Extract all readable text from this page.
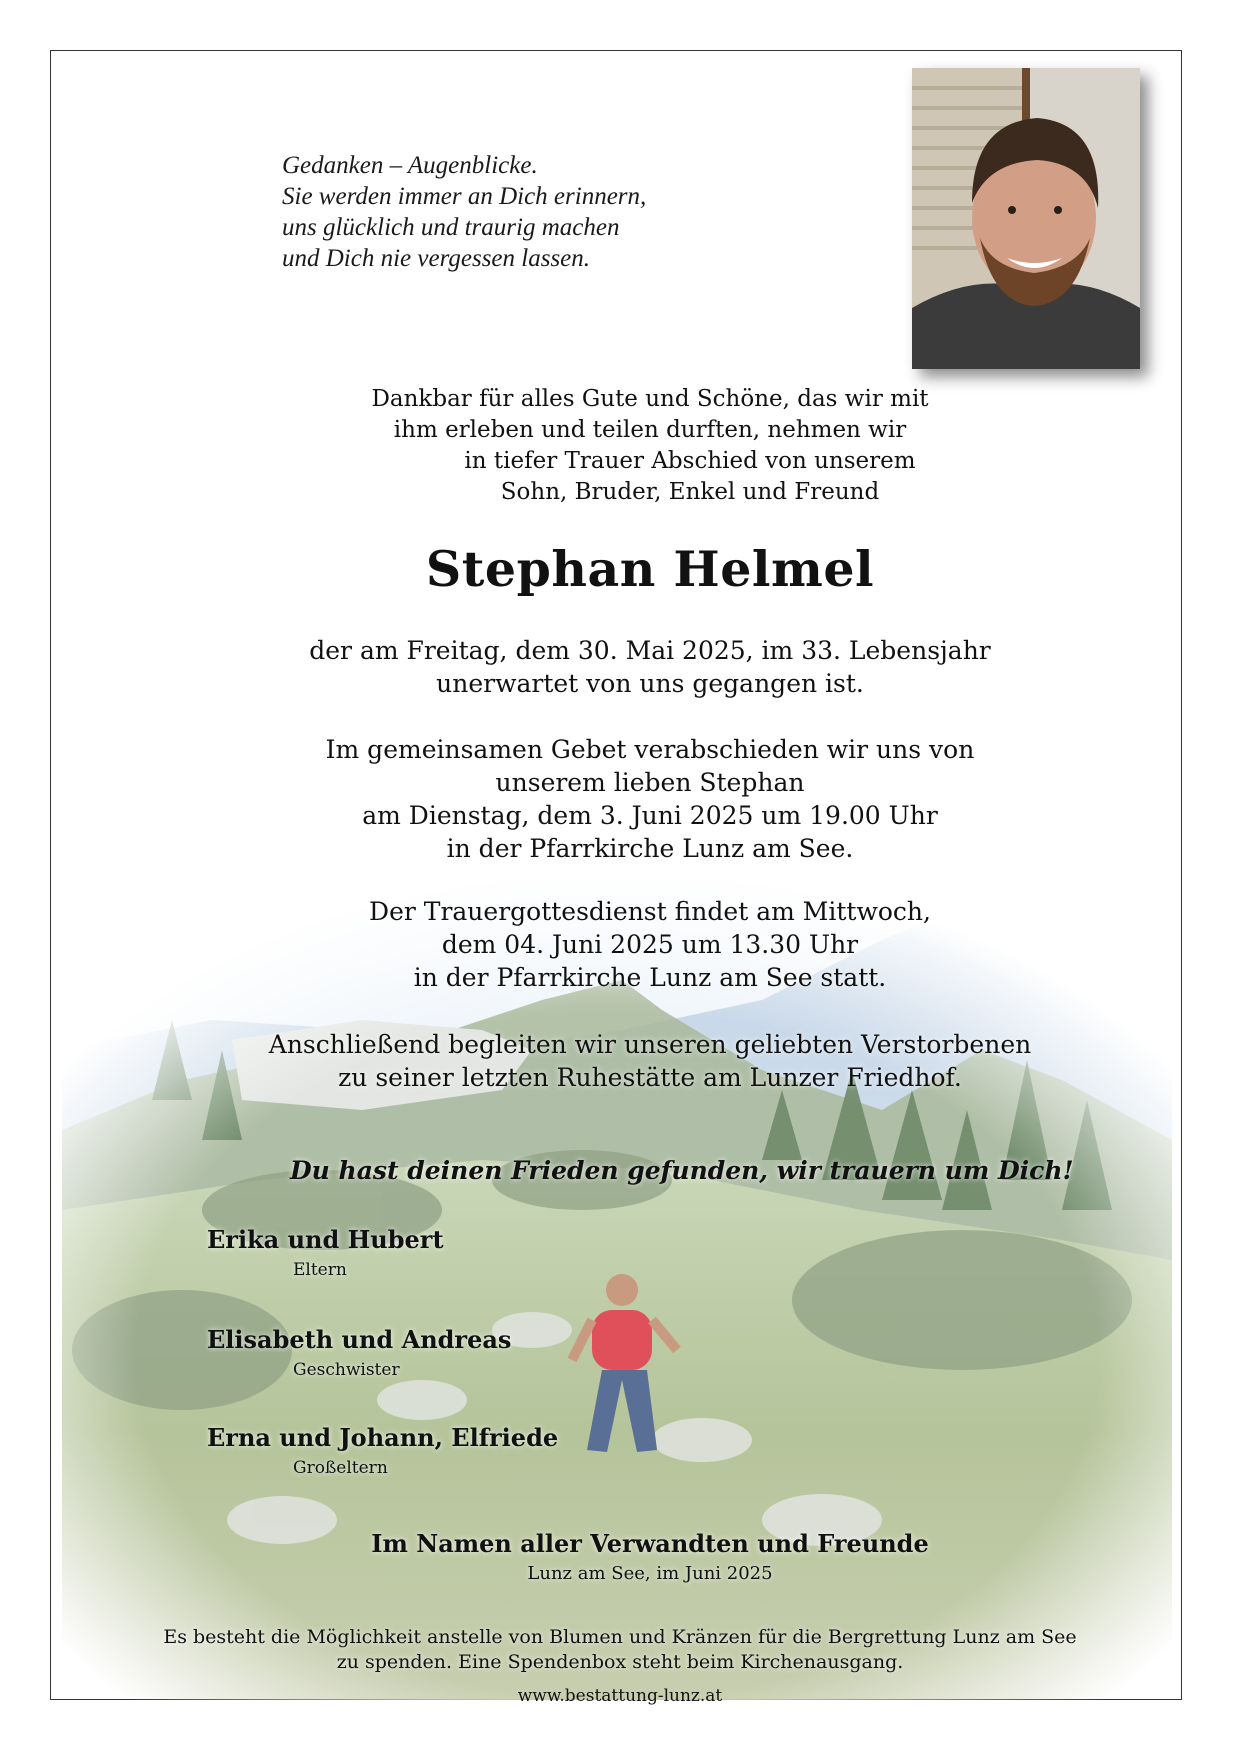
Gedanken – Augenblicke.
Sie werden immer an Dich erinnern,
uns glücklich und traurig machen
und Dich nie vergessen lassen.
Dankbar für alles Gute und Schöne, das wir mit
ihm erleben und teilen durften, nehmen wir
in tiefer Trauer Abschied von unserem
Sohn, Bruder, Enkel und Freund
Stephan Helmel
der am Freitag, dem 30. Mai 2025, im 33. Lebensjahr
unerwartet von uns gegangen ist.
Im gemeinsamen Gebet verabschieden wir uns von
unserem lieben Stephan
am Dienstag, dem 3. Juni 2025 um 19.00 Uhr
in der Pfarrkirche Lunz am See.
Der Trauergottesdienst findet am Mittwoch,
dem 04. Juni 2025 um 13.30 Uhr
in der Pfarrkirche Lunz am See statt.
Anschließend begleiten wir unseren geliebten Verstorbenen
zu seiner letzten Ruhestätte am Lunzer Friedhof.
Du hast deinen Frieden gefunden, wir trauern um Dich!
Erika und Hubert
Eltern
Elisabeth und Andreas
Geschwister
Erna und Johann, Elfriede
Großeltern
Im Namen aller Verwandten und Freunde
Lunz am See, im Juni 2025
Es besteht die Möglichkeit anstelle von Blumen und Kränzen für die Bergrettung Lunz am See
zu spenden. Eine Spendenbox steht beim Kirchenausgang.
www.bestattung-lunz.at
